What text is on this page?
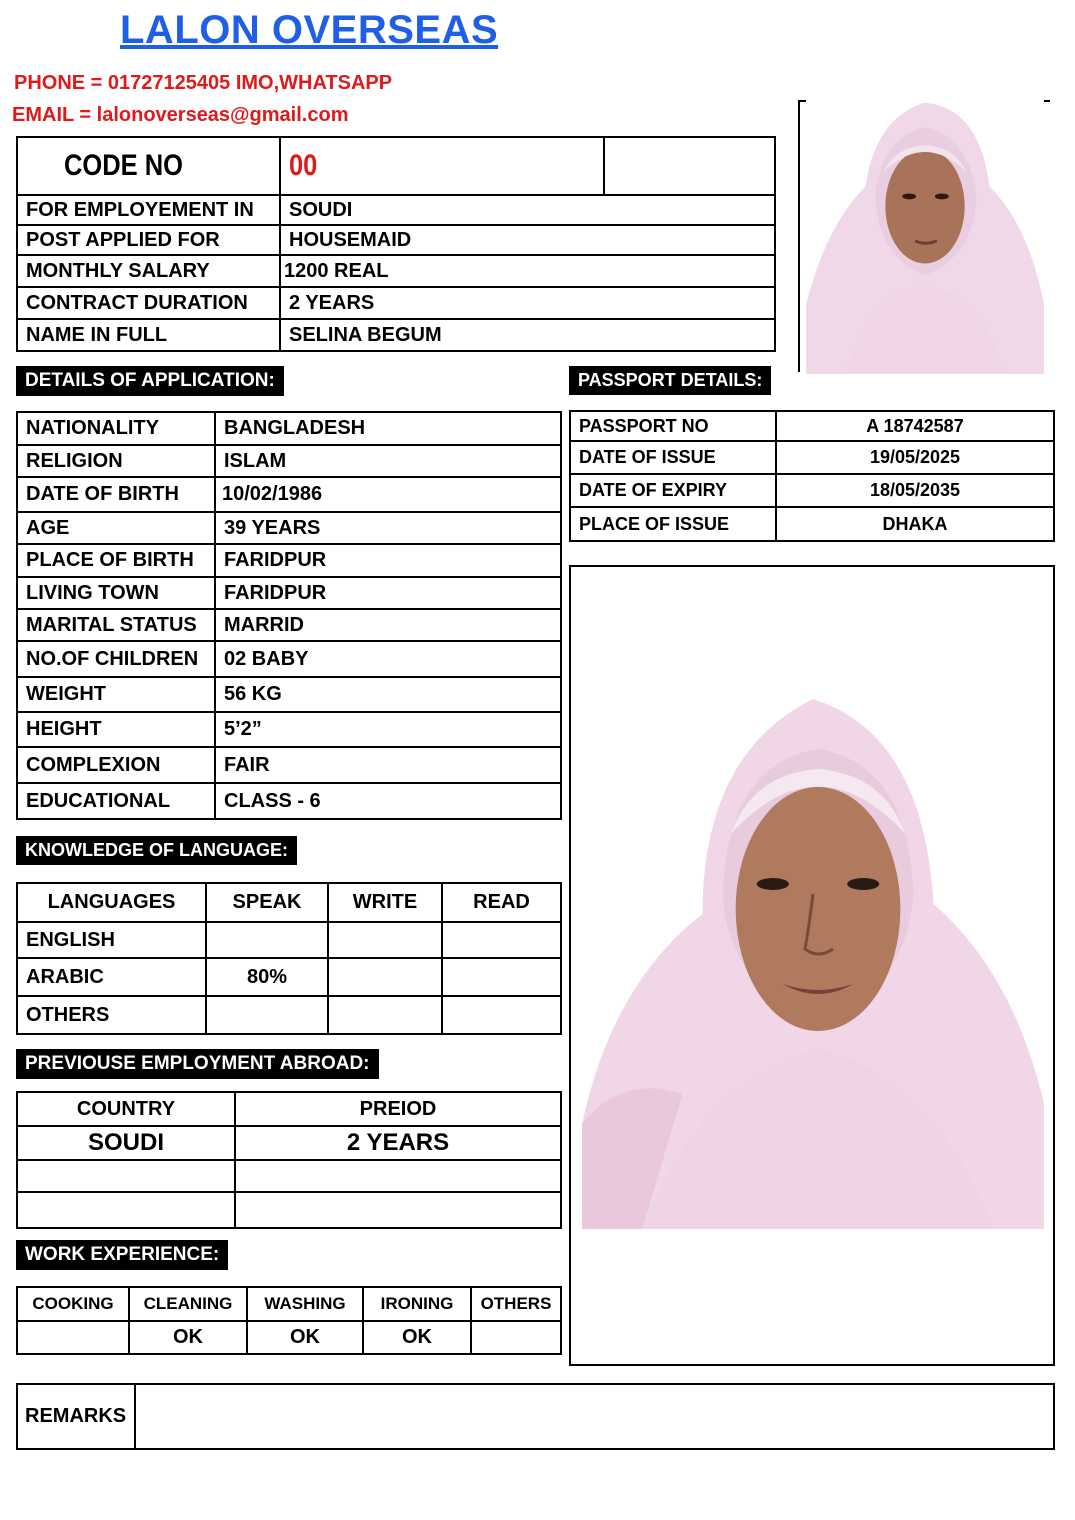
LALON OVERSEAS
PHONE = 01727125405 IMO,WHATSAPP
EMAIL = lalonoverseas@gmail.com
CODE NO	00	
FOR EMPLOYEMENT IN	SOUDI	
POST APPLIED FOR	HOUSEMAID	
MONTHLY SALARY	1200 REAL	
CONTRACT DURATION	2 YEARS	
NAME IN FULL	SELINA BEGUM	
DETAILS OF APPLICATION:
NATIONALITY	BANGLADESH
RELIGION	ISLAM
DATE OF BIRTH	10/02/1986
AGE	39 YEARS
PLACE OF BIRTH	FARIDPUR
LIVING TOWN	FARIDPUR
MARITAL STATUS	MARRID
NO.OF CHILDREN	02 BABY
WEIGHT	56 KG
HEIGHT	5’2”
COMPLEXION	FAIR
EDUCATIONAL	CLASS - 6
PASSPORT DETAILS:
PASSPORT NO	A 18742587
DATE OF ISSUE	19/05/2025
DATE OF EXPIRY	18/05/2035
PLACE OF ISSUE	DHAKA
KNOWLEDGE OF LANGUAGE:
LANGUAGES	SPEAK	WRITE	READ
ENGLISH			
ARABIC	80%		
OTHERS			
PREVIOUSE EMPLOYMENT ABROAD:
COUNTRY	PREIOD
SOUDI	2 YEARS

WORK EXPERIENCE:
COOKING	CLEANING	WASHING	IRONING	OTHERS
	OK	OK	OK	
REMARKS	
